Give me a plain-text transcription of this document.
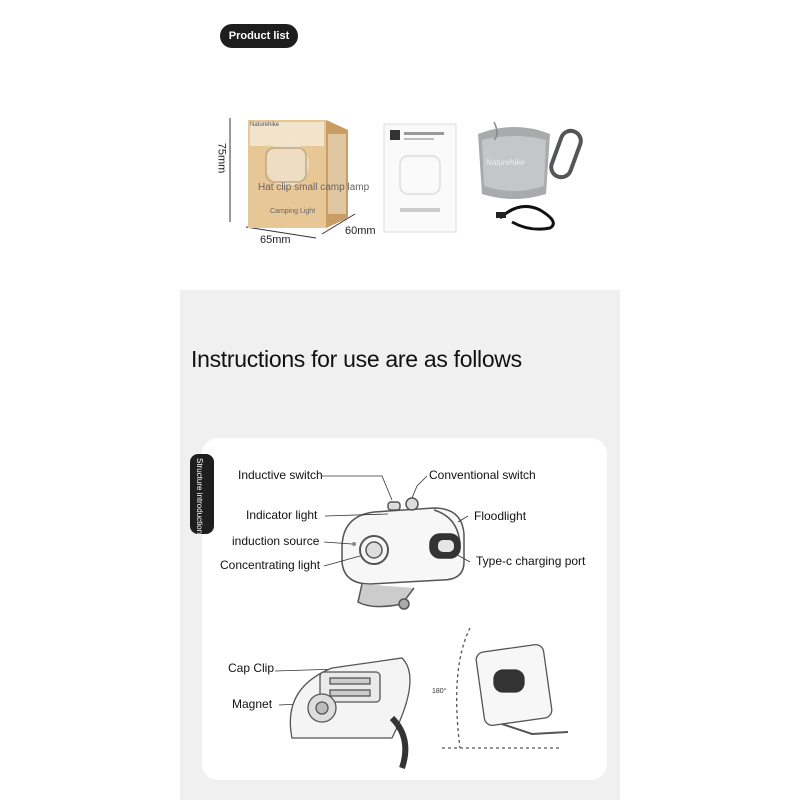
Product list
Hat clip small camp lamp
Camping Light
Naturehike
Naturehike
75mm
65mm
60mm
Instructions for use are as follows
Structure introduction	Inductive switch	Conventional switch
Indicator light	Floodlight
induction source
Type-c charging port
Concentrating light
Cap Clip
Magnet
180°
